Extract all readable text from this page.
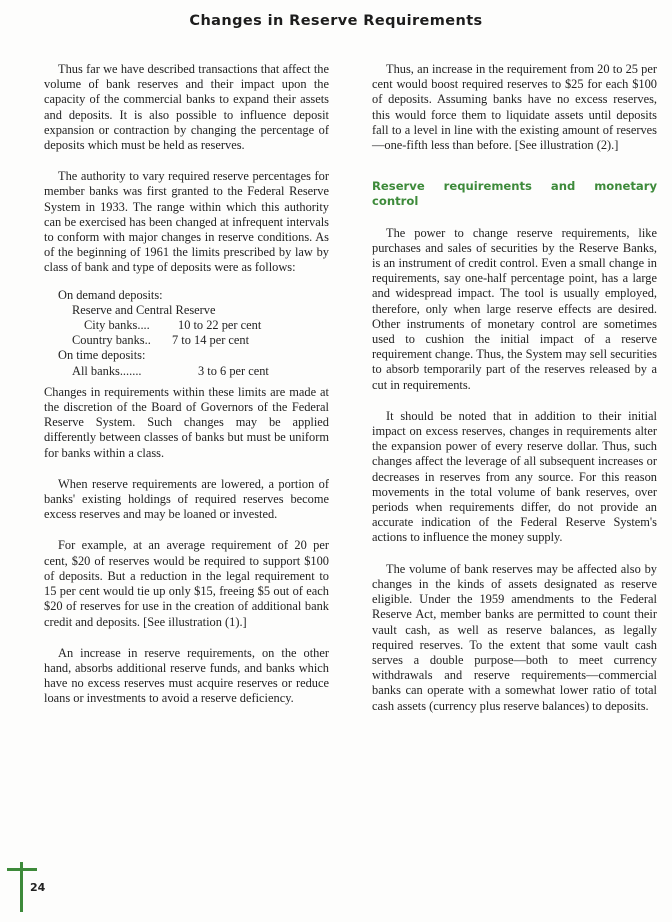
Changes in Reserve Requirements

Thus far we have described transactions that affect the volume of bank reserves and their impact upon the capacity of the commercial banks to expand their assets and deposits. It is also possible to influence deposit expansion or contraction by changing the percentage of deposits which must be held as reserves.

The authority to vary required reserve percentages for member banks was first granted to the Federal Reserve System in 1933. The range within which this authority can be exercised has been changed at infrequent intervals to conform with major changes in reserve conditions. As of the beginning of 1961 the limits prescribed by law by class of bank and type of deposits were as follows:

On demand deposits:
Reserve and Central Reserve
City banks.... 10 to 22 per cent
Country banks.. 7 to 14 per cent
On time deposits:
All banks.......	3 to 6 per cent

Changes in requirements within these limits are made at the discretion of the Board of Governors of the Federal Reserve System. Such changes may be applied differently between classes of banks but must be uniform for banks within a class.

When reserve requirements are lowered, a portion of banks' existing holdings of required reserves become excess reserves and may be loaned or invested.

For example, at an average requirement of 20 per cent, $20 of reserves would be required to support $100 of deposits. But a reduction in the legal requirement to 15 per cent would tie up only $15, freeing $5 out of each $20 of reserves for use in the creation of additional bank credit and deposits. [See illustration (1).]

An increase in reserve requirements, on the other hand, absorbs additional reserve funds, and banks which have no excess reserves must acquire reserves or reduce loans or investments to avoid a reserve deficiency.

Thus, an increase in the requirement from 20 to 25 per cent would boost required reserves to $25 for each $100 of deposits. Assuming banks have no excess reserves, this would force them to liquidate assets until deposits fall to a level in line with the existing amount of reserves—one-fifth less than before. [See illustration (2).]

Reserve requirements and monetary control

The power to change reserve requirements, like purchases and sales of securities by the Reserve Banks, is an instrument of credit control. Even a small change in requirements, say one-half percentage point, has a large and widespread impact. The tool is usually employed, therefore, only when large reserve effects are desired. Other instruments of monetary control are sometimes used to cushion the initial impact of a reserve requirement change. Thus, the System may sell securities to absorb temporarily part of the reserves released by a cut in requirements.

It should be noted that in addition to their initial impact on excess reserves, changes in requirements alter the expansion power of every reserve dollar. Thus, such changes affect the leverage of all subsequent increases or decreases in reserves from any source. For this reason movements in the total volume of bank reserves, over periods when requirements differ, do not provide an accurate indication of the Federal Reserve System's actions to influence the money supply.

The volume of bank reserves may be affected also by changes in the kinds of assets designated as reserve eligible. Under the 1959 amendments to the Federal Reserve Act, member banks are permitted to count their vault cash, as well as reserve balances, as legally required reserves. To the extent that some vault cash serves a double purpose—both to meet currency withdrawals and reserve requirements—commercial banks can operate with a somewhat lower ratio of total cash assets (currency plus reserve balances) to deposits.

24
